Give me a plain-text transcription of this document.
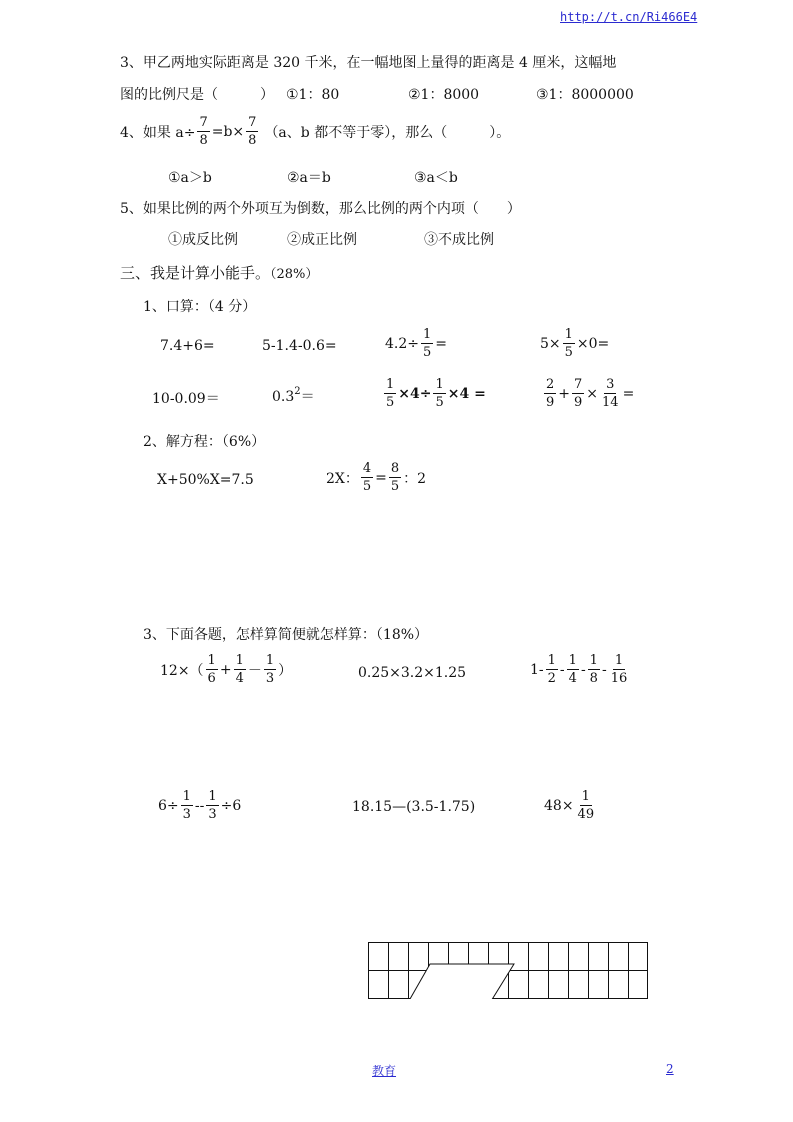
http://t.cn/Ri466E4
3、甲乙两地实际距离是 320 千米，在一幅地图上量得的距离是 4 厘米，这幅地
图的比例尺是（　　　） ①1：80	②1：8000	③1：8000000
4、如果 $a\div \frac{7}{8} =b\times \frac{7}{8} (a$、b 都不等于零），那么（　　　）。
①a＞b	②a＝b	③a＜b
5、如果比例的两个外项互为倒数，那么比例的两个内项（　　）
①成反比例	②成正比例	③不成比例
三、我是计算小能手。（28%）
1、口算：（4 分）
7.4+6=	5-1.4-0.6=	$4.2\div \frac{1}{5}$ =	$5\times \frac{1}{5} \times 0=$
10-0.09＝	$0.3^2=$	$\frac{1}{5} \times 4\div \frac{1}{5} \times 4$ =	$\frac{2}{9} + \frac{7}{9} \times \frac{3}{14}$ =
2、解方程：（6%）
X+50%X=7.5	2X： $\frac{4}{5} = \frac{8}{5}$ ：2
3、下面各题，怎样算简便就怎样算：（18%）
$12\times( \frac{1}{6} + \frac{1}{4} - \frac{1}{3}$ ）	0.25×3.2×1.25	$1- \frac{1}{2} - \frac{1}{4} - \frac{1}{8} - \frac{1}{16}$
$6\div \frac{1}{3} -- \frac{1}{3} \div 6$	18.15—(3.5-1.75)	$48\times \frac{1}{49}$
教育	2
